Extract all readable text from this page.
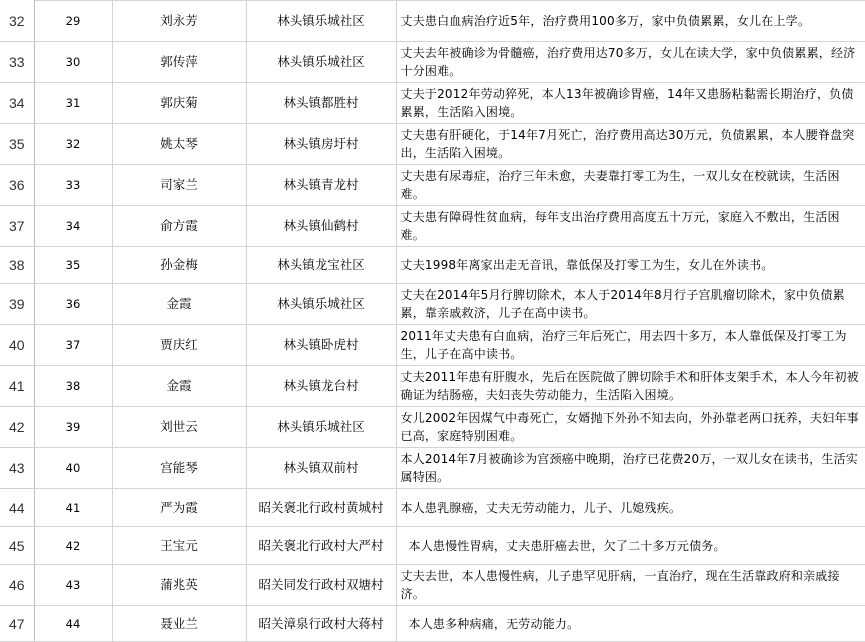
32	29	刘永芳	林头镇乐城社区	丈夫患白血病治疗近5年，治疗费用100多万，家中负债累累，女儿在上学。
33	30	郭传萍	林头镇乐城社区	丈夫去年被确诊为骨髓癌，治疗费用达70多万，女儿在读大学，家中负债累累，经济十分困难。
34	31	郭庆菊	林头镇都胜村	丈夫于2012年劳动猝死，本人13年被确诊胃癌，14年又患肠粘黏需长期治疗，负债累累，生活陷入困境。
35	32	姚太琴	林头镇房圩村	丈夫患有肝硬化，于14年7月死亡，治疗费用高达30万元，负债累累，本人腰脊盘突出，生活陷入困境。
36	33	司家兰	林头镇青龙村	丈夫患有尿毒症，治疗三年未愈，夫妻靠打零工为生，一双儿女在校就读，生活困难。
37	34	俞方霞	林头镇仙鹤村	丈夫患有障碍性贫血病，每年支出治疗费用高度五十万元，家庭入不敷出，生活困难。
38	35	孙金梅	林头镇龙宝社区	丈夫1998年离家出走无音讯，靠低保及打零工为生，女儿在外读书。
39	36	金霞	林头镇乐城社区	丈夫在2014年5月行脾切除术，本人于2014年8月行子宫肌瘤切除术，家中负债累累，靠亲戚救济，儿子在高中读书。
40	37	贾庆红	林头镇卧虎村	2011年丈夫患有白血病，治疗三年后死亡，用去四十多万，本人靠低保及打零工为生，儿子在高中读书。
41	38	金霞	林头镇龙台村	丈夫2011年患有肝腹水，先后在医院做了脾切除手术和肝体支架手术，本人今年初被确证为结肠癌，夫妇丧失劳动能力，生活陷入困境。
42	39	刘世云	林头镇乐城社区	女儿2002年因煤气中毒死亡，女婿抛下外孙不知去向，外孙靠老两口抚养，夫妇年事已高，家庭特别困难。
43	40	宫能琴	林头镇双前村	本人2014年7月被确诊为宫颈癌中晚期，治疗已花费20万，一双儿女在读书，生活实属特困。
44	41	严为霞	昭关褒北行政村黄城村	本人患乳腺癌，丈夫无劳动能力，儿子、儿媳残疾。
45	42	王宝元	昭关褒北行政村大严村	本人患慢性胃病，丈夫患肝癌去世，欠了二十多万元债务。
46	43	蒲兆英	昭关同发行政村双塘村	丈夫去世，本人患慢性病，儿子患罕见肝病，一直治疗，现在生活靠政府和亲戚接济。
47	44	聂业兰	昭关漳泉行政村大蒋村	本人患多种病痛，无劳动能力。
